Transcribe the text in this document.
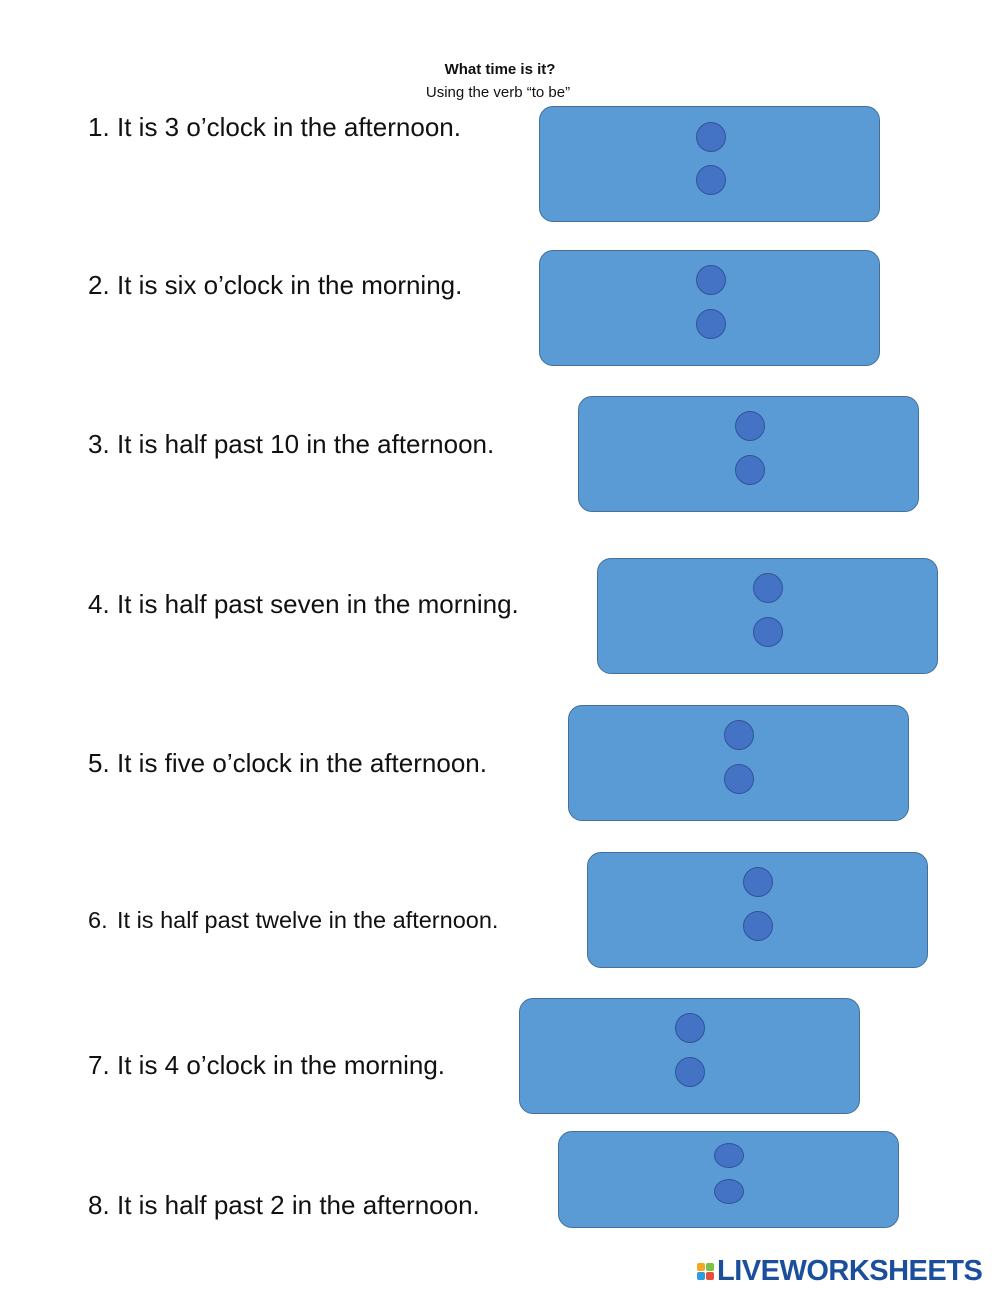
What time is it?
Using the verb “to be”
1. It is 3 o’clock in the afternoon.
2. It is six o’clock in the morning.
3. It is half past 10 in the afternoon.
4. It is half past seven in the morning.
5. It is five o’clock in the afternoon.
6. It is half past twelve in the afternoon.
7. It is 4 o’clock in the morning.
8. It is half past 2 in the afternoon.
LIVEWORKSHEETS
